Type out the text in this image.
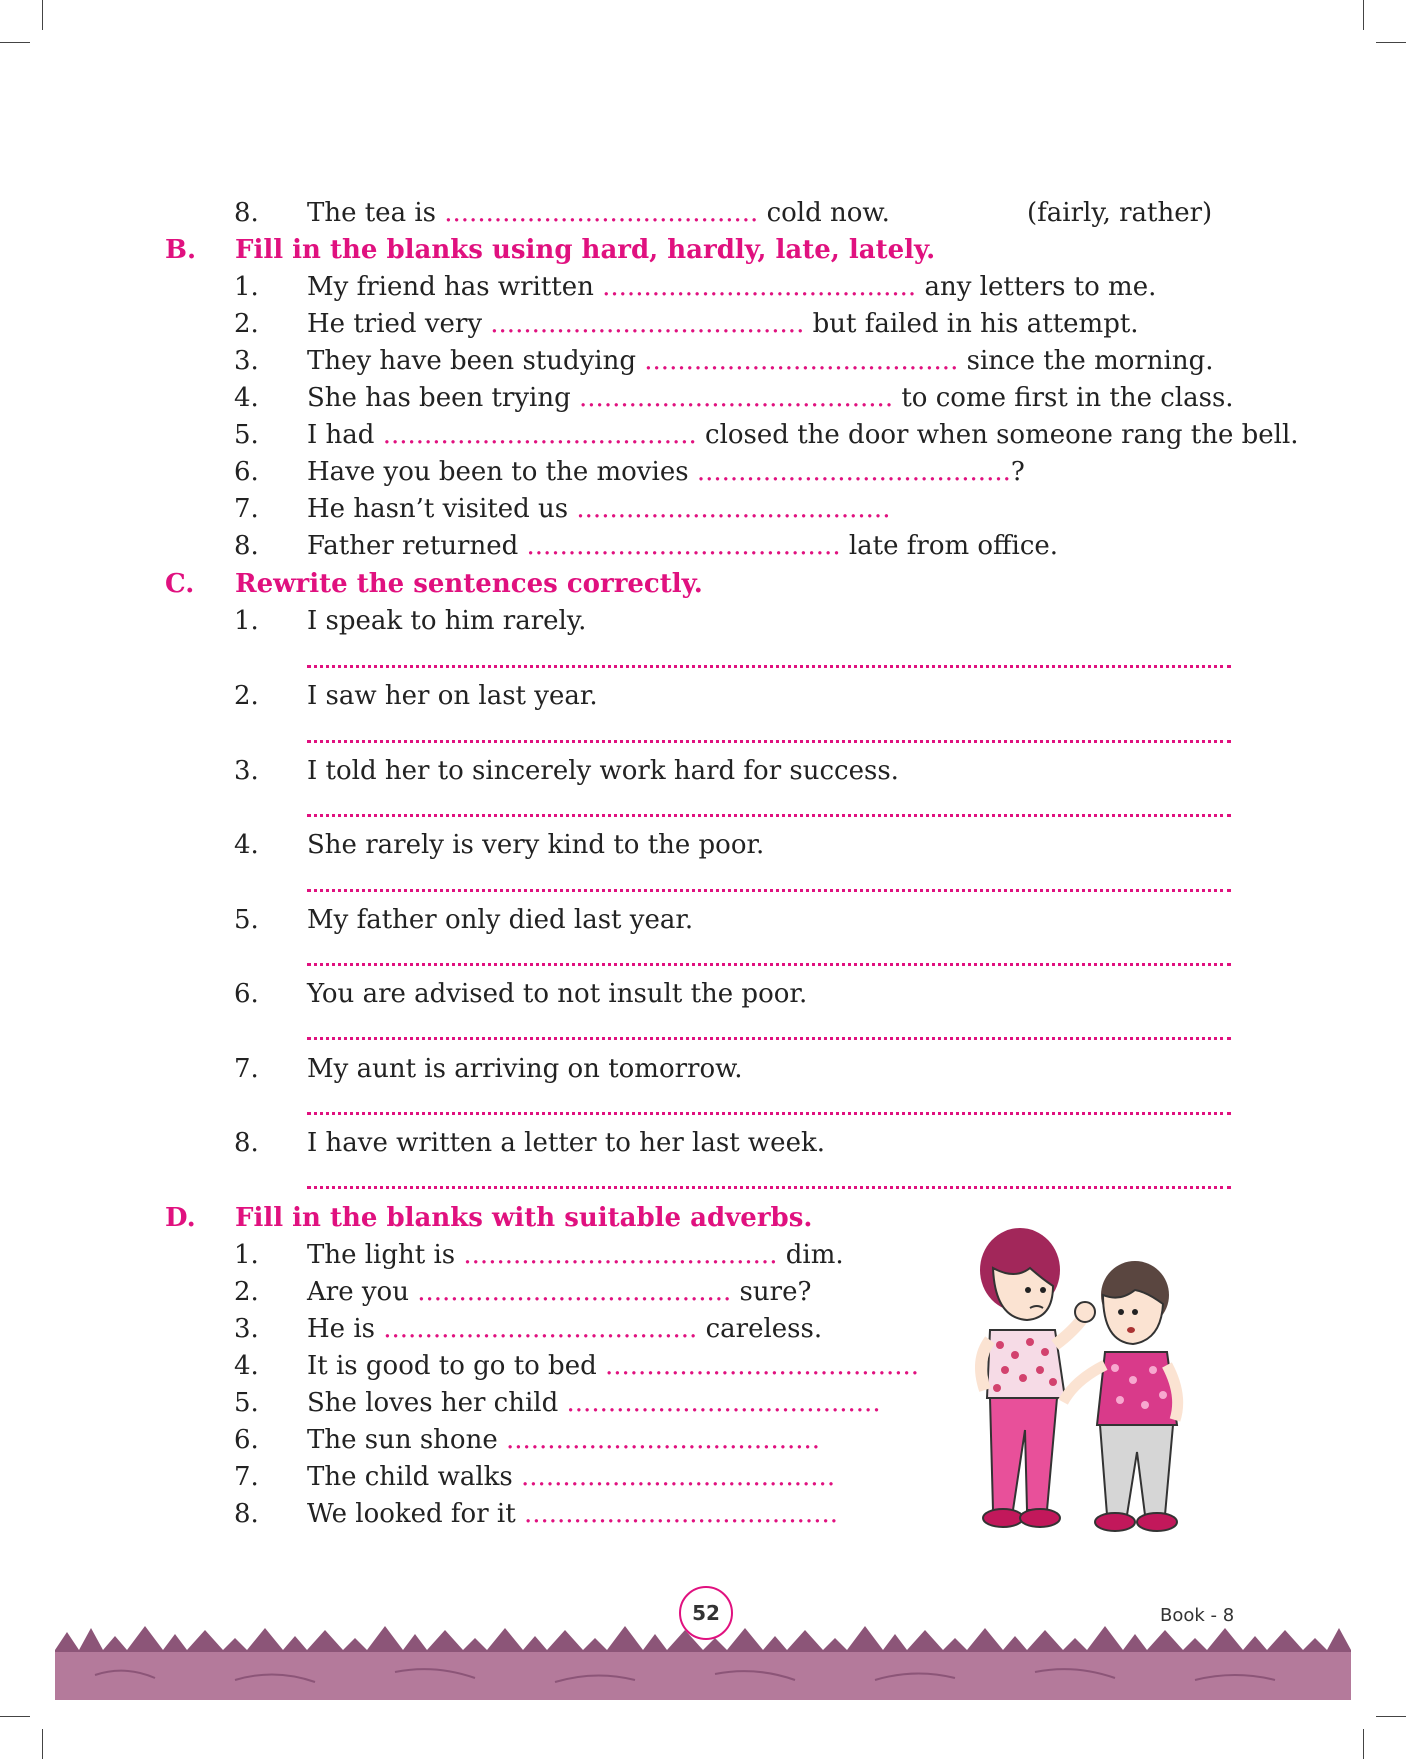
8. The tea is ...................................... cold now.	(fairly, rather)
B. Fill in the blanks using hard, hardly, late, lately.
1. My friend has written ...................................... any letters to me.
2. He tried very ...................................... but failed in his attempt.
3. They have been studying ...................................... since the morning.
4. She has been trying ...................................... to come first in the class.
5. I had ...................................... closed the door when someone rang the bell.
6. Have you been to the movies ......................................?
7. He hasn’t visited us ......................................
8. Father returned ...................................... late from office.
C. Rewrite the sentences correctly.
1. I speak to him rarely.
2. I saw her on last year.
3. I told her to sincerely work hard for success.
4. She rarely is very kind to the poor.
5. My father only died last year.
6. You are advised to not insult the poor.
7. My aunt is arriving on tomorrow.
8. I have written a letter to her last week.
D. Fill in the blanks with suitable adverbs.
1. The light is ...................................... dim.
2. Are you ...................................... sure?
3. He is ...................................... careless.
4. It is good to go to bed ......................................
5. She loves her child ......................................
6. The sun shone ......................................
7. The child walks ......................................
8. We looked for it ......................................
52	Book - 8
